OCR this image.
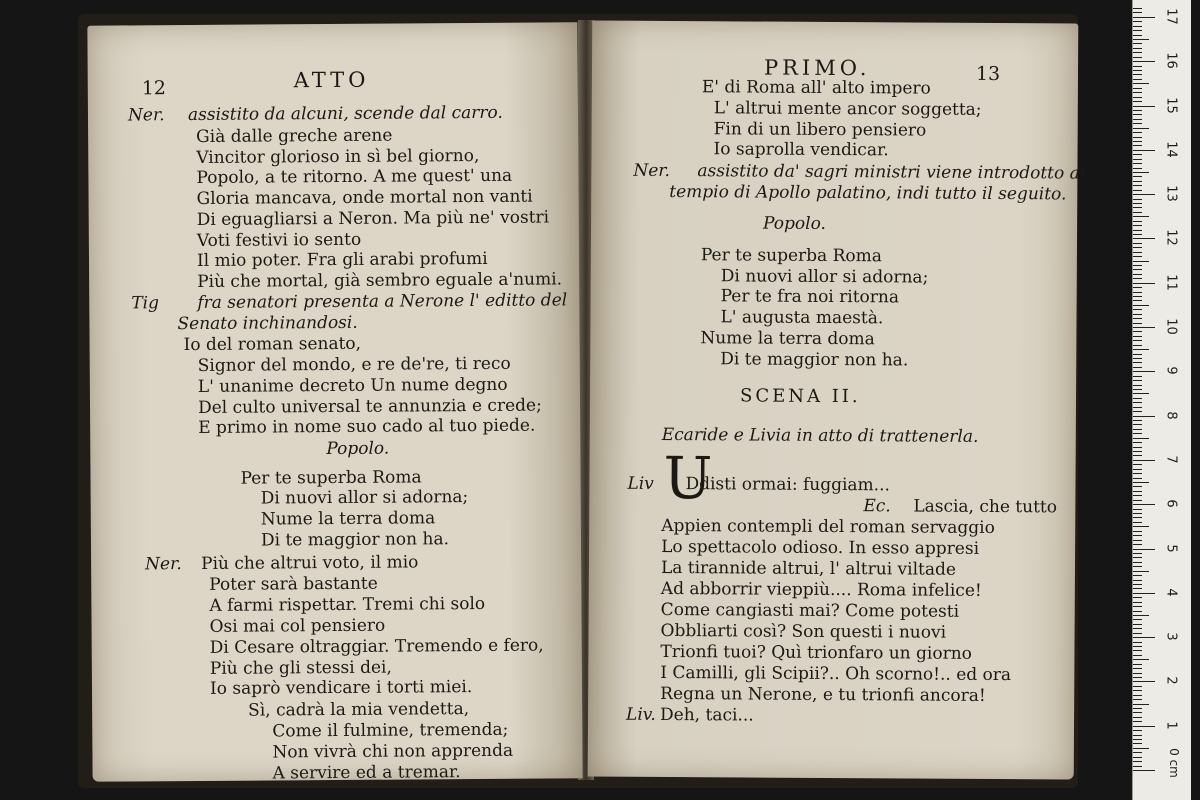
12	ATTO
Ner. assistito da alcuni, scende dal carro.
Già dalle greche arene
Vincitor glorioso in sì bel giorno,
Popolo, a te ritorno. A me quest' una
Gloria mancava, onde mortal non vanti
Di eguagliarsi a Neron. Ma più ne' vostri
Voti festivi io sento
Il mio poter. Fra gli arabi profumi
Più che mortal, già sembro eguale a'numi.
Tig fra senatori presenta a Nerone l' editto del
Senato inchinandosi.
Io del roman senato,
Signor del mondo, e re de're, ti reco
L' unanime decreto Un nume degno
Del culto universal te annunzia e crede;
E primo in nome suo cado al tuo piede.
Popolo.
Per te superba Roma
Di nuovi allor si adorna;
Nume la terra doma
Di te maggior non ha.
Ner. Più che altrui voto, il mio
Poter sarà bastante
A farmi rispettar. Tremi chi solo
Osi mai col pensiero
Di Cesare oltraggiar. Tremendo e fero,
Più che gli stessi dei,
Io saprò vendicare i torti miei.
Sì, cadrà la mia vendetta,
Come il fulmine, tremenda;
Non vivrà chi non apprenda
A servire ed a tremar.
PRIMO.	13
E' di Roma all' alto impero
L' altrui mente ancor soggetta;
Fin di un libero pensiero
Io saprolla vendicar.
Ner. assistito da' sagri ministri viene introdotto al
tempio di Apollo palatino, indi tutto il seguito.
Popolo.
Per te superba Roma
Di nuovi allor si adorna;
Per te fra noi ritorna
L' augusta maestà.
Nume la terra doma
Di te maggior non ha.
SCENA II.
Ecaride e Livia in atto di trattenerla.
Liv Ddisti ormai: fuggiam...
Ec. Lascia, che tutto
Appien contempli del roman servaggio
Lo spettacolo odioso. In esso appresi
La tirannide altrui, l' altrui viltade
Ad abborrir vieppiù.... Roma infelice!
Come cangiasti mai? Come potesti
Obbliarti così? Son questi i nuovi
Trionfi tuoi? Quì trionfaro un giorno
I Camilli, gli Scipii?.. Oh scorno!.. ed ora
Regna un Nerone, e tu trionfi ancora!
Liv. Deh, taci...
U
1
2
3
4
5
6
7
8
9
10
11
12
13
14
15
16
17
0 cm
